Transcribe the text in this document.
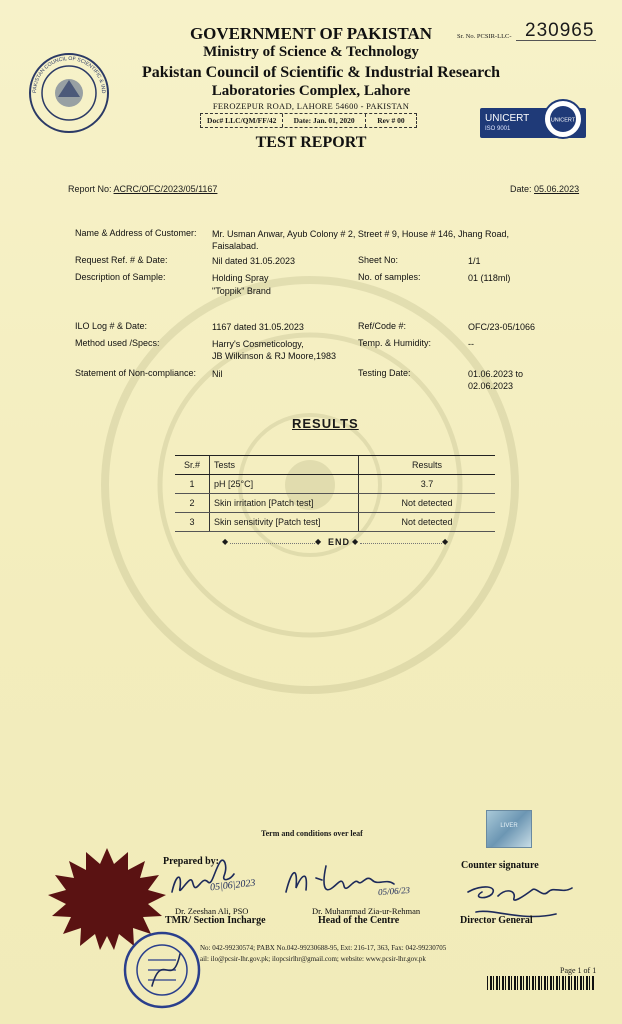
PAKISTAN COUNCIL OF SCIENTIFIC & IND
GOVERNMENT OF PAKISTAN
Ministry of Science & Technology
Pakistan Council of Scientific & Industrial Research
Laboratories Complex, Lahore
FEROZEPUR ROAD, LAHORE 54600 - PAKISTAN
Doc# LLC/QM/FF/42	Date: Jan. 01, 2020	Rev # 00
TEST REPORT
Sr. No. PCSIR-LLC- 230965
UNICERT
ISO 9001
UNICERT
Report No: ACRC/OFC/2023/05/1167	Date: 05.06.2023
Name & Address of Customer: Mr. Usman Anwar, Ayub Colony # 2, Street # 9, House # 146, Jhang Road,
Faisalabad.
Request Ref. # & Date:	Nil dated 31.05.2023	Sheet No:	1/1
Description of Sample:	Holding Spray
"Toppik" Brand
No. of samples:	01 (118ml)
ILO Log # & Date:	1167 dated 31.05.2023	Ref/Code #:	OFC/23-05/1066
Method used /Specs:	Harry's Cosmeticology,
JB Wilkinson & RJ Moore,1983
Temp. & Humidity:	--
Statement of Non-compliance: Nil	Testing Date:	01.06.2023 to
02.06.2023
RESULTS
Sr.#	Tests	Results
1	pH [25°C]	3.7
2	Skin irritation [Patch test]	Not detected
3	Skin sensitivity [Patch test]	Not detected
◆	◆ END ◆	◆
LIVER
Term and conditions over leaf
Prepared by:
05|06|2023
Dr. Zeeshan Ali, PSO
TMR/ Section Incharge
05/06/23
Dr. Muhammad Zia-ur-Rehman
Head of the Centre
Counter signature
Director General
No: 042-99230574; PABX No.042-99230688-95, Ext: 216-17, 363, Fax: 042-99230705
ail: ilo@pcsir-lhr.gov.pk; ilopcsirlhr@gmail.com; website: www.pcsir-lhr.gov.pk
Page 1 of 1
